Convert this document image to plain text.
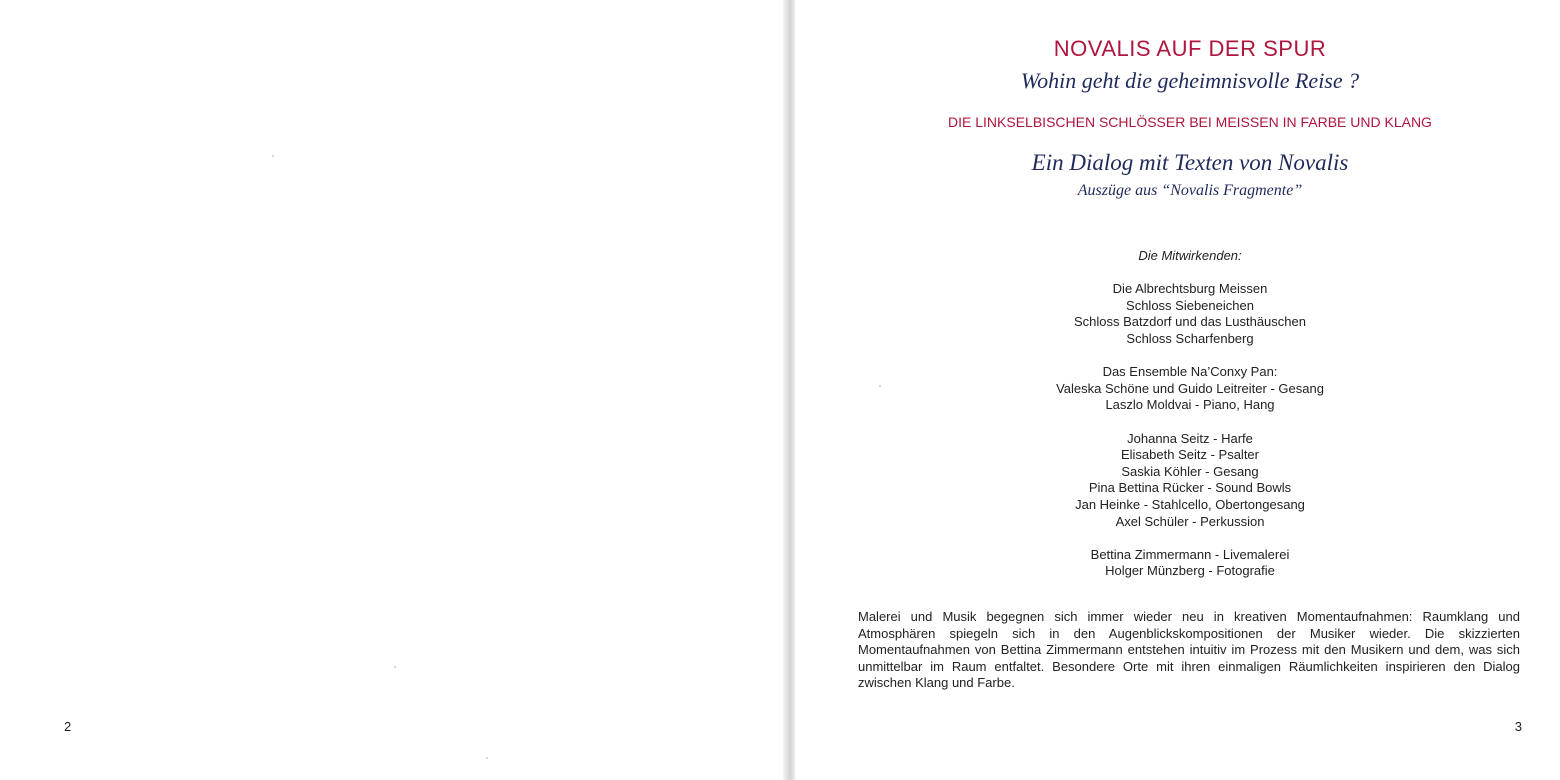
2
NOVALIS AUF DER SPUR
Wohin geht die geheimnisvolle Reise ?
DIE LINKSELBISCHEN SCHLÖSSER BEI MEISSEN IN FARBE UND KLANG
Ein Dialog mit Texten von Novalis
Auszüge aus “Novalis Fragmente”
Die Mitwirkenden:
Die Albrechtsburg Meissen
Schloss Siebeneichen
Schloss Batzdorf und das Lusthäuschen
Schloss Scharfenberg
Das Ensemble Na’Conxy Pan:
Valeska Schöne und Guido Leitreiter - Gesang
Laszlo Moldvai - Piano, Hang
Johanna Seitz - Harfe
Elisabeth Seitz - Psalter
Saskia Köhler - Gesang
Pina Bettina Rücker - Sound Bowls
Jan Heinke - Stahlcello, Obertongesang
Axel Schüler - Perkussion
Bettina Zimmermann - Livemalerei
Holger Münzberg - Fotografie
Malerei und Musik begegnen sich immer wieder neu in kreativen Momentaufnahmen: Raumklang und Atmosphären spiegeln sich in den Augenblickskompositionen der Musiker wieder. Die skizzierten Momentaufnahmen von Bettina Zimmermann entstehen intuitiv im Prozess mit den Musikern und dem, was sich unmittelbar im Raum entfaltet. Besondere Orte mit ihren einmaligen Räumlichkeiten inspirieren den Dialog zwischen Klang und Farbe.
3
